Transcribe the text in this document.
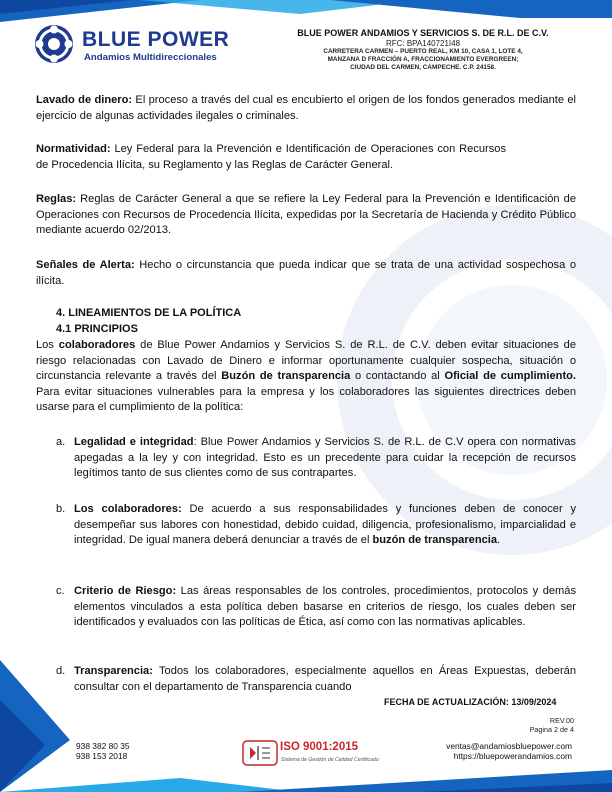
BLUE POWER
Andamios Multidireccionales
BLUE POWER ANDAMIOS Y SERVICIOS S. DE R.L. DE C.V.
RFC: BPA140721I48
CARRETERA CARMEN – PUERTO REAL, KM 10, CASA 1, LOTE 4,
MANZANA D FRACCIÓN A, FRACCIONAMIENTO EVERGREEN;
CIUDAD DEL CARMEN, CAMPECHE. C.P. 24158.
Lavado de dinero: El proceso a través del cual es encubierto el origen de los fondos generados mediante el ejercicio de algunas actividades ilegales o criminales.
Normatividad: Ley Federal para la Prevención e Identificación de Operaciones con Recursos de Procedencia Ilícita, su Reglamento y las Reglas de Carácter General.
Reglas: Reglas de Carácter General a que se refiere la Ley Federal para la Prevención e Identificación de Operaciones con Recursos de Procedencia Ilícita, expedidas por la Secretaría de Hacienda y Crédito Público mediante acuerdo 02/2013.
Señales de Alerta: Hecho o circunstancia que pueda indicar que se trata de una actividad sospechosa o ilícita.
4. LINEAMIENTOS DE LA POLÍTICA
4.1 PRINCIPIOS
Los colaboradores de Blue Power Andamios y Servicios S. de R.L. de C.V. deben evitar situaciones de riesgo relacionadas con Lavado de Dinero e informar oportunamente cualquier sospecha, situación o circunstancia relevante a través del Buzón de transparencia o contactando al Oficial de cumplimiento. Para evitar situaciones vulnerables para la empresa y los colaboradores las siguientes directrices deben usarse para el cumplimiento de la política:
a. Legalidad e integridad: Blue Power Andamios y Servicios S. de R.L. de C.V opera con normativas apegadas a la ley y con integridad. Esto es un precedente para cuidar la recepción de recursos legítimos tanto de sus clientes como de sus contrapartes.
b. Los colaboradores: De acuerdo a sus responsabilidades y funciones deben de conocer y desempeñar sus labores con honestidad, debido cuidad, diligencia, profesionalismo, imparcialidad e integridad. De igual manera deberá denunciar a través de el buzón de transparencia.
c. Criterio de Riesgo: Las áreas responsables de los controles, procedimientos, protocolos y demás elementos vinculados a esta política deben basarse en criterios de riesgo, los cuales deben ser identificados y evaluados con las políticas de Ética, así como con las normativas aplicables.
d. Transparencia: Todos los colaboradores, especialmente aquellos en Áreas Expuestas, deberán consultar con el departamento de Transparencia cuando
FECHA DE ACTUALIZACIÓN: 13/09/2024
REV.00
Pagina 2 de 4
938 382 80 35
938 153 2018
ISO 9001:2015
Sistema de Gestión de Calidad Certificado
ventas@andamiosbluepower.com
https://bluepowerandamios.com
